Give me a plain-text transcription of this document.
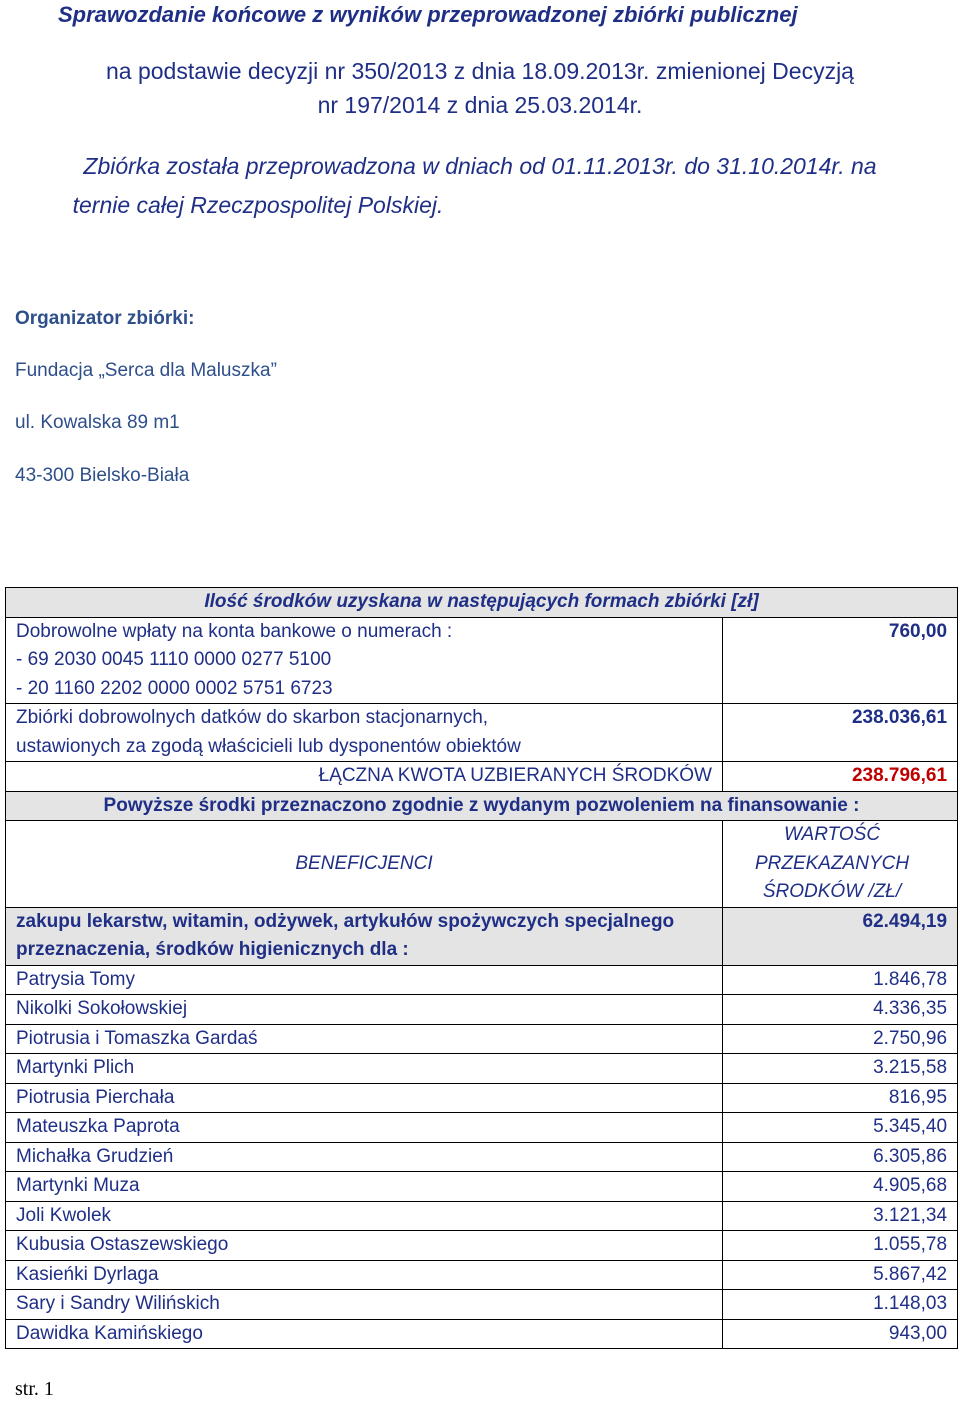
Sprawozdanie końcowe z wyników przeprowadzonej zbiórki publicznej
na podstawie decyzji nr 350/2013 z dnia 18.09.2013r. zmienionej Decyzją
nr 197/2014 z dnia 25.03.2014r.
Zbiórka została przeprowadzona w dniach od 01.11.2013r. do 31.10.2014r. na
ternie całej Rzeczpospolitej Polskiej.
Organizator zbiórki:
Fundacja „Serca dla Maluszka”
ul. Kowalska 89 m1
43-300 Bielsko-Biała
Ilość środków uzyskana w następujących formach zbiórki [zł]		

Dobrowolne wpłaty na konta bankowe o numerach :
- 69 2030 0045 1110 0000 0277 5100
- 20 1160 2202 0000 0002 5751 6723		760,00

Zbiórki dobrowolnych datków do skarbon stacjonarnych,
ustawionych za zgodą właścicieli lub dysponentów obiektów		238.036,61
ŁĄCZNA KWOTA UZBIERANYCH ŚRODKÓW		238.796,61
Powyższe środki przeznaczono zgodnie z wydanym pozwoleniem na finansowanie :		
BENEFICJENCI		WARTOŚĆ
PRZEKAZANYCH
ŚRODKÓW /ZŁ/

zakupu lekarstw, witamin, odżywek, artykułów spożywczych specjalnego
przeznaczenia, środków higienicznych dla :		62.494,19
Patrysia Tomy		1.846,78
Nikolki Sokołowskiej		4.336,35
Piotrusia i Tomaszka Gardaś		2.750,96
Martynki Plich		3.215,58
Piotrusia Pierchała		816,95
Mateuszka Paprota		5.345,40
Michałka Grudzień		6.305,86
Martynki Muza		4.905,68
Joli Kwolek		3.121,34
Kubusia Ostaszewskiego		1.055,78
Kasieńki Dyrlaga		5.867,42
Sary i Sandry Wilińskich		1.148,03
Dawidka Kamińskiego		943,00
str. 1
